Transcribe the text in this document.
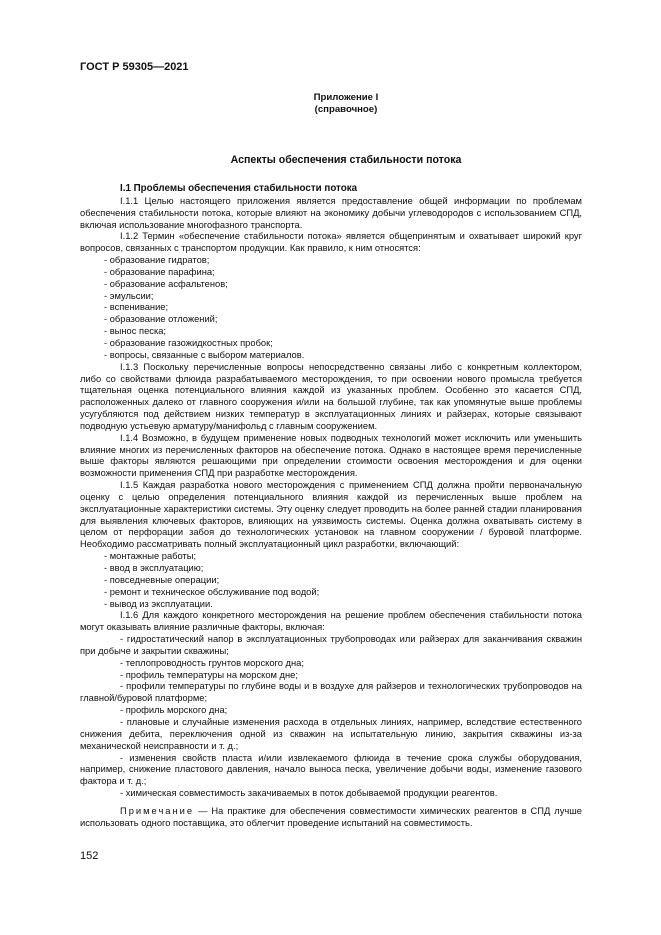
ГОСТ Р 59305—2021
Приложение I
(справочное)
Аспекты обеспечения стабильности потока
I.1 Проблемы обеспечения стабильности потока

I.1.1 Целью настоящего приложения является предоставление общей информации по проблемам обеспечения стабильности потока, которые влияют на экономику добычи углеводородов с использованием СПД, включая использование многофазного транспорта.

I.1.2 Термин «обеспечение стабильности потока» является общепринятым и охватывает широкий круг вопросов, связанных с транспортом продукции. Как правило, к ним относятся:

- образование гидратов;
- образование парафина;
- образование асфальтенов;
- эмульсии;
- вспенивание;
- образование отложений;
- вынос песка;
- образование газожидкостных пробок;
- вопросы, связанные с выбором материалов.

I.1.3 Поскольку перечисленные вопросы непосредственно связаны либо с конкретным коллектором, либо со свойствами флюида разрабатываемого месторождения, то при освоении нового промысла требуется тщательная оценка потенциального влияния каждой из указанных проблем. Особенно это касается СПД, расположенных далеко от главного сооружения и/или на большой глубине, так как упомянутые выше проблемы усугубляются под действием низких температур в эксплуатационных линиях и райзерах, которые связывают подводную устьевую арматуру/манифольд с главным сооружением.

I.1.4 Возможно, в будущем применение новых подводных технологий может исключить или уменьшить влияние многих из перечисленных факторов на обеспечение потока. Однако в настоящее время перечисленные выше факторы являются решающими при определении стоимости освоения месторождения и для оценки возможности применения СПД при разработке месторождения.

I.1.5 Каждая разработка нового месторождения с применением СПД должна пройти первоначальную оценку с целью определения потенциального влияния каждой из перечисленных выше проблем на эксплуатационные характеристики системы. Эту оценку следует проводить на более ранней стадии планирования для выявления ключевых факторов, влияющих на уязвимость системы. Оценка должна охватывать систему в целом от перфорации забоя до технологических установок на главном сооружении / буровой платформе. Необходимо рассматривать полный эксплуатационный цикл разработки, включающий:

- монтажные работы;
- ввод в эксплуатацию;
- повседневные операции;
- ремонт и техническое обслуживание под водой;
- вывод из эксплуатации.

I.1.6 Для каждого конкретного месторождения на решение проблем обеспечения стабильности потока могут оказывать влияние различные факторы, включая:

- гидростатический напор в эксплуатационных трубопроводах или райзерах для заканчивания скважин при добыче и закрытии скважины;
- теплопроводность грунтов морского дна;
- профиль температуры на морском дне;
- профили температуры по глубине воды и в воздухе для райзеров и технологических трубопроводов на главной/буровой платформе;
- профиль морского дна;
- плановые и случайные изменения расхода в отдельных линиях, например, вследствие естественного снижения дебита, переключения одной из скважин на испытательную линию, закрытия скважины из-за механической неисправности и т. д.;
- изменения свойств пласта и/или извлекаемого флюида в течение срока службы оборудования, например, снижение пластового давления, начало выноса песка, увеличение добычи воды, изменение газового фактора и т. д.;
- химическая совместимость закачиваемых в поток добываемой продукции реагентов.

Примечание — На практике для обеспечения совместимости химических реагентов в СПД лучше использовать одного поставщика, это облегчит проведение испытаний на совместимость.

152
